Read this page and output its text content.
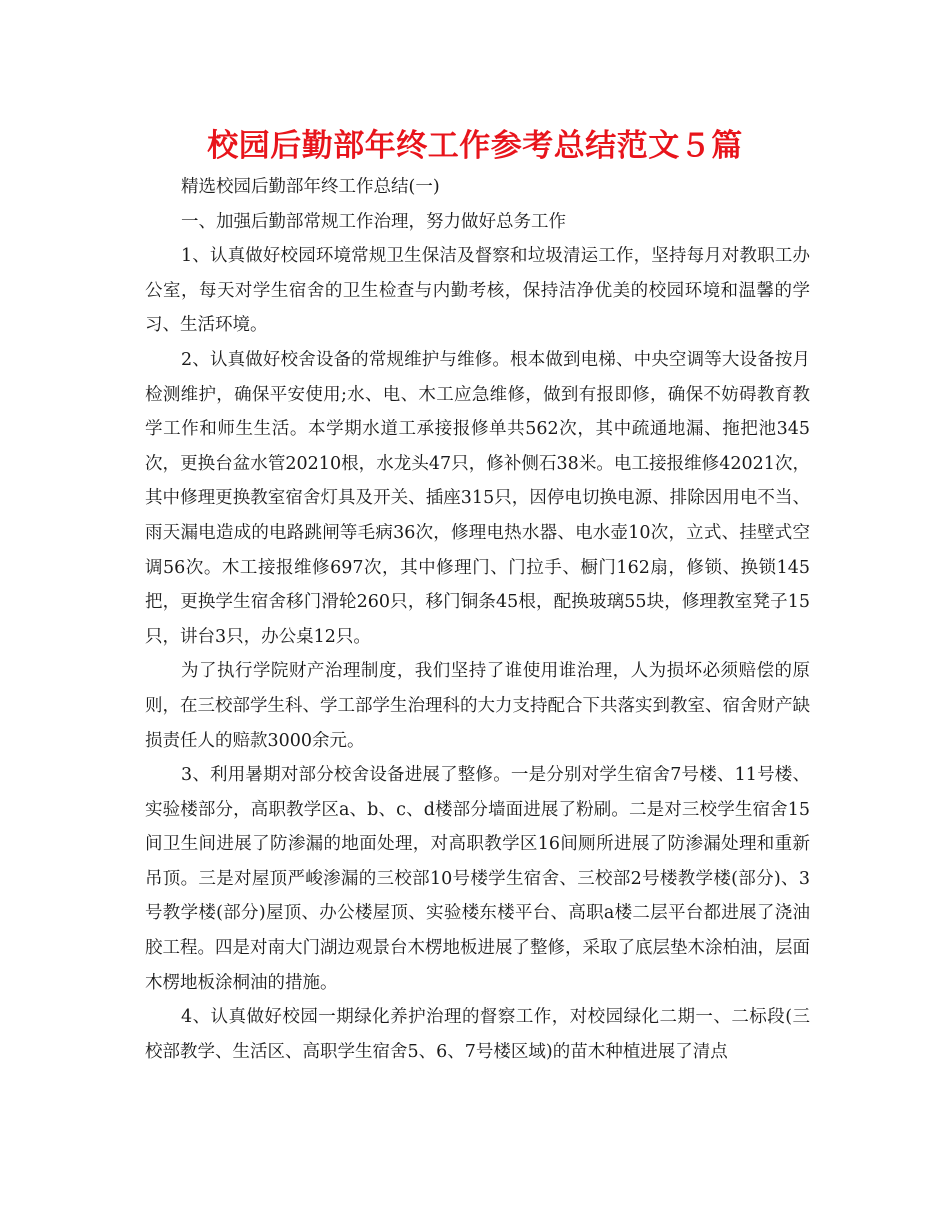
校园后勤部年终工作参考总结范文５篇

精选校园后勤部年终工作总结(一)

一、加强后勤部常规工作治理，努力做好总务工作

1、认真做好校园环境常规卫生保洁及督察和垃圾清运工作，坚持每月对教职工办公室，每天对学生宿舍的卫生检查与内勤考核，保持洁净优美的校园环境和温馨的学习、生活环境。

2、认真做好校舍设备的常规维护与维修。根本做到电梯、中央空调等大设备按月检测维护，确保平安使用;水、电、木工应急维修，做到有报即修，确保不妨碍教育教学工作和师生生活。本学期水道工承接报修单共562次，其中疏通地漏、拖把池345次，更换台盆水管20210根，水龙头47只，修补侧石38米。电工接报维修42021次，其中修理更换教室宿舍灯具及开关、插座315只，因停电切换电源、排除因用电不当、雨天漏电造成的电路跳闸等毛病36次，修理电热水器、电水壶10次，立式、挂壁式空调56次。木工接报维修697次，其中修理门、门拉手、橱门162扇，修锁、换锁145把，更换学生宿舍移门滑轮260只，移门铜条45根，配换玻璃55块，修理教室凳子15只，讲台3只，办公桌12只。

为了执行学院财产治理制度，我们坚持了谁使用谁治理，人为损坏必须赔偿的原则，在三校部学生科、学工部学生治理科的大力支持配合下共落实到教室、宿舍财产缺损责任人的赔款3000余元。

3、利用暑期对部分校舍设备进展了整修。一是分别对学生宿舍7号楼、11号楼、实验楼部分，高职教学区a、b、c、d楼部分墙面进展了粉刷。二是对三校学生宿舍15间卫生间进展了防渗漏的地面处理，对高职教学区16间厕所进展了防渗漏处理和重新吊顶。三是对屋顶严峻渗漏的三校部10号楼学生宿舍、三校部2号楼教学楼(部分)、3号教学楼(部分)屋顶、办公楼屋顶、实验楼东楼平台、高职a楼二层平台都进展了浇油胶工程。四是对南大门湖边观景台木楞地板进展了整修，采取了底层垫木涂柏油，层面木楞地板涂桐油的措施。

4、认真做好校园一期绿化养护治理的督察工作，对校园绿化二期一、二标段(三校部教学、生活区、高职学生宿舍5、6、7号楼区域)的苗木种植进展了清点
